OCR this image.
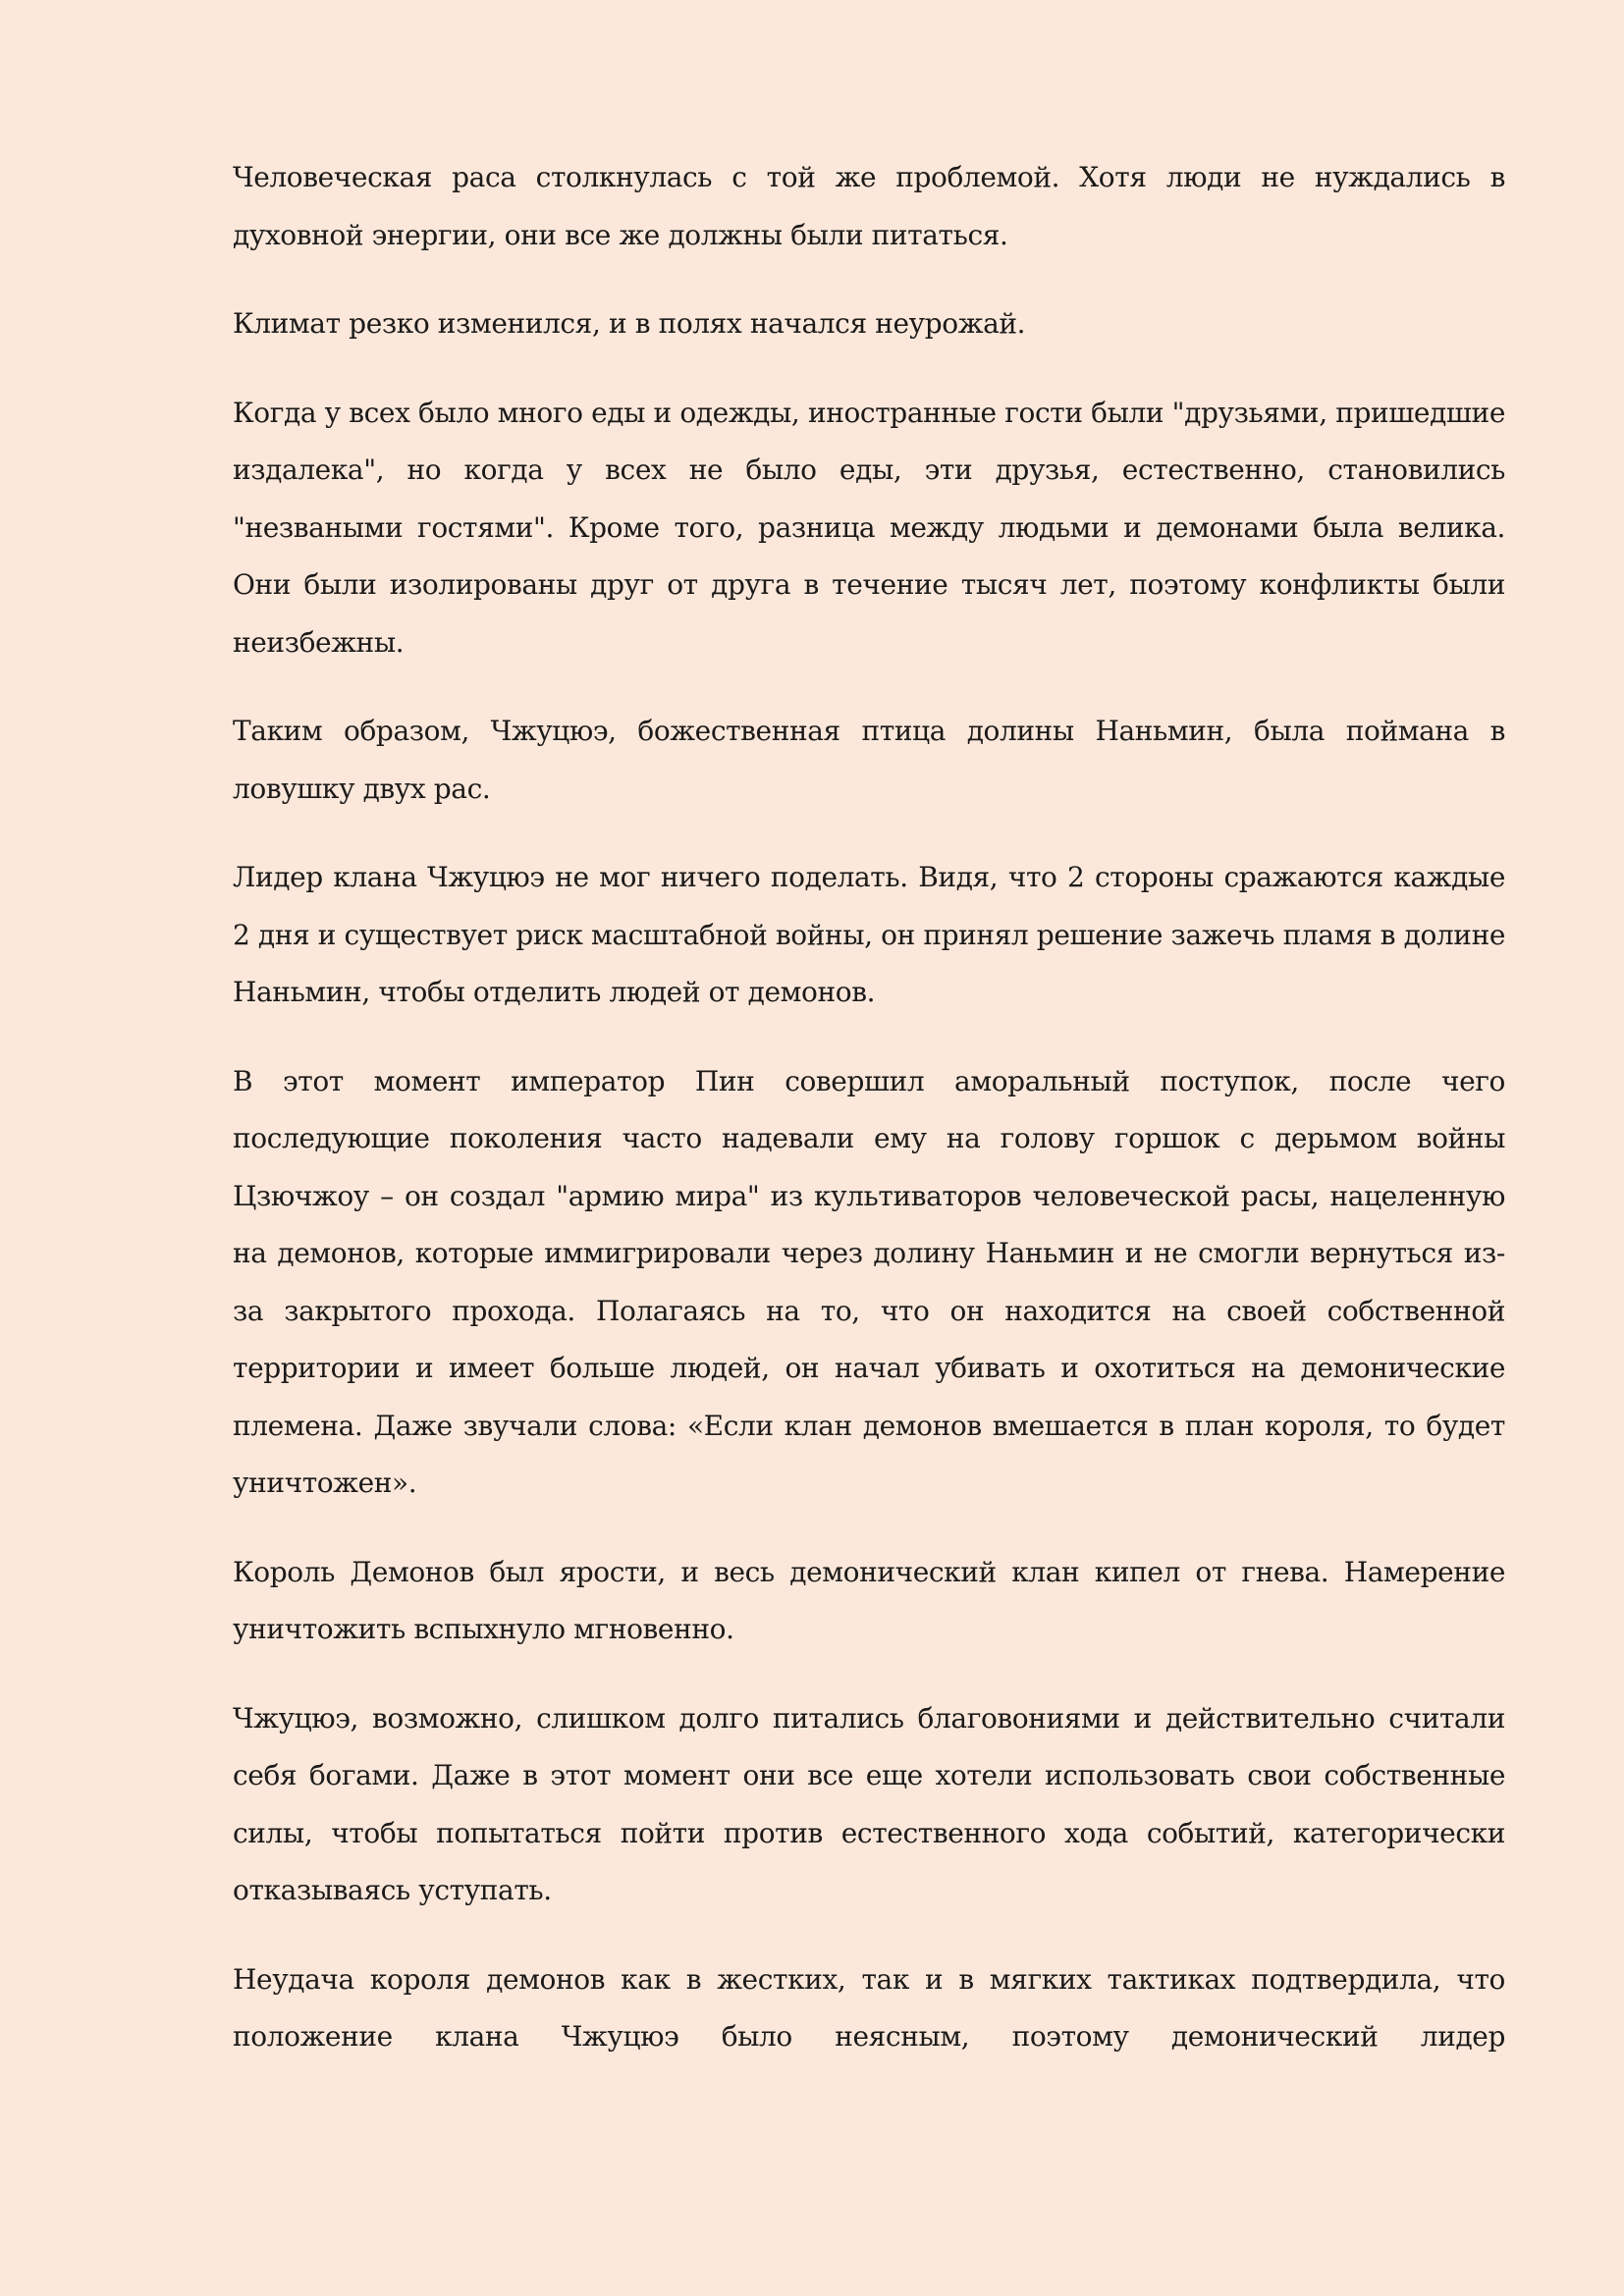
Человеческая раса столкнулась с той же проблемой. Хотя люди не нуждались в духовной энергии, они все же должны были питаться.

Климат резко изменился, и в полях начался неурожай.

Когда у всех было много еды и одежды, иностранные гости были "друзьями, пришедшие издалека", но когда у всех не было еды, эти друзья, естественно, становились "незваными гостями". Кроме того, разница между людьми и демонами была велика. Они были изолированы друг от друга в течение тысяч лет, поэтому конфликты были неизбежны.

Таким образом, Чжуцюэ, божественная птица долины Наньмин, была поймана в ловушку двух рас.

Лидер клана Чжуцюэ не мог ничего поделать. Видя, что 2 стороны сражаются каждые 2 дня и существует риск масштабной войны, он принял решение зажечь пламя в долине Наньмин, чтобы отделить людей от демонов.

В этот момент император Пин совершил аморальный поступок, после чего последующие поколения часто надевали ему на голову горшок с дерьмом войны Цзючжоу – он создал "армию мира" из культиваторов человеческой расы, нацеленную на демонов, которые иммигрировали через долину Наньмин и не смогли вернуться из-за закрытого прохода. Полагаясь на то, что он находится на своей собственной территории и имеет больше людей, он начал убивать и охотиться на демонические племена. Даже звучали слова: «Если клан демонов вмешается в план короля, то будет уничтожен».

Король Демонов был ярости, и весь демонический клан кипел от гнева. Намерение уничтожить вспыхнуло мгновенно.

Чжуцюэ, возможно, слишком долго питались благовониями и действительно считали себя богами. Даже в этот момент они все еще хотели использовать свои собственные силы, чтобы попытаться пойти против естественного хода событий, категорически отказываясь уступать.

Неудача короля демонов как в жестких, так и в мягких тактиках подтвердила, что положение клана Чжуцюэ было неясным, поэтому демонический лидер
